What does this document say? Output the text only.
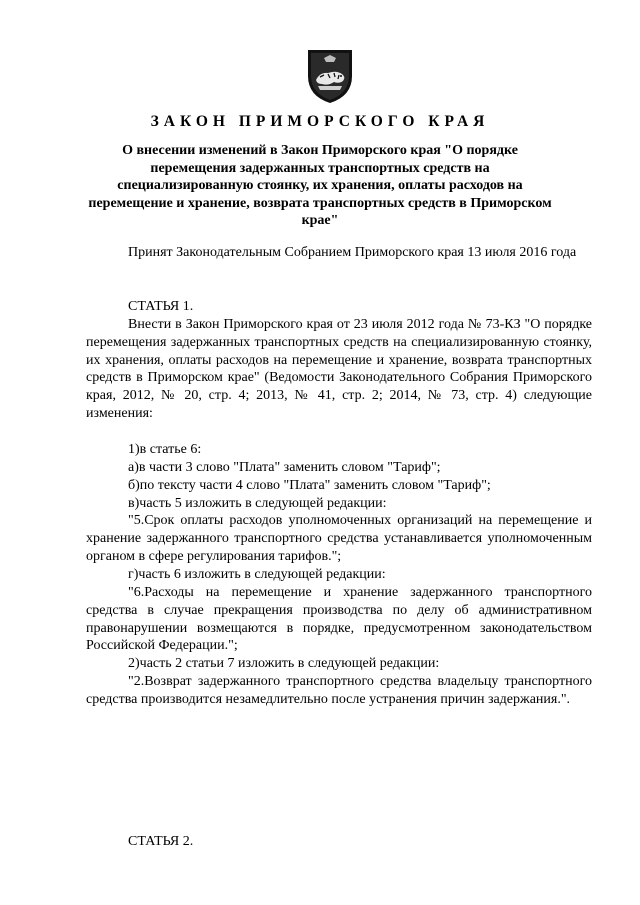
ЗАКОН ПРИМОРСКОГО КРАЯ
О внесении изменений в Закон Приморского края "О порядке перемещения задержанных транспортных средств на специализированную стоянку, их хранения, оплаты расходов на перемещение и хранение, возврата транспортных средств в Приморском крае"
Принят Законодательным Собранием Приморского края 13 июля 2016 года
СТАТЬЯ 1.
Внести в Закон Приморского края от 23 июля 2012 года № 73-КЗ "О порядке перемещения задержанных транспортных средств на специализированную стоянку, их хранения, оплаты расходов на перемещение и хранение, возврата транспортных средств в Приморском крае" (Ведомости Законодательного Собрания Приморского края, 2012, № 20, стр. 4; 2013, № 41, стр. 2; 2014, № 73, стр. 4) следующие изменения:
1)в статье 6:
а)в части 3 слово "Плата" заменить словом "Тариф";
б)по тексту части 4 слово "Плата" заменить словом "Тариф";
в)часть 5 изложить в следующей редакции:
"5.Срок оплаты расходов уполномоченных организаций на перемещение и хранение задержанного транспортного средства устанавливается уполномоченным органом в сфере регулирования тарифов.";
г)часть 6 изложить в следующей редакции:
"6.Расходы на перемещение и хранение задержанного транспортного средства в случае прекращения производства по делу об административном правонарушении возмещаются в порядке, предусмотренном законодательством Российской Федерации.";
2)часть 2 статьи 7 изложить в следующей редакции:
"2.Возврат задержанного транспортного средства владельцу транспортного средства производится незамедлительно после устранения причин задержания.".
СТАТЬЯ 2.
